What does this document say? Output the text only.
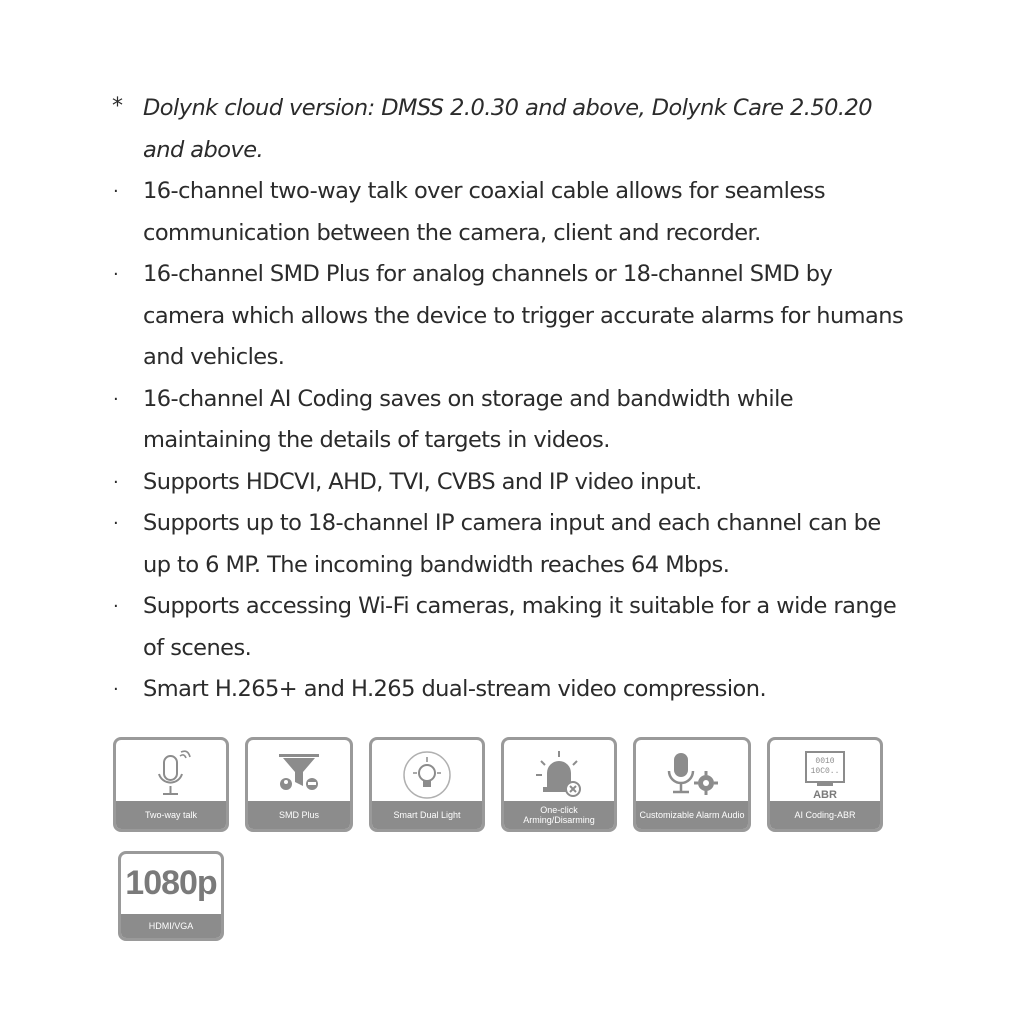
* Dolynk cloud version: DMSS 2.0.30 and above, Dolynk Care 2.50.20 and above.
·	16-channel two-way talk over coaxial cable allows for seamless communication between the camera, client and recorder.
·	16-channel SMD Plus for analog channels or 18-channel SMD by camera which allows the device to trigger accurate alarms for humans and vehicles.
·	16-channel AI Coding saves on storage and bandwidth while maintaining the details of targets in videos.
·	Supports HDCVI, AHD, TVI, CVBS and IP video input.
·	Supports up to 18-channel IP camera input and each channel can be up to 6 MP. The incoming bandwidth reaches 64 Mbps.
·	Supports accessing Wi-Fi cameras, making it suitable for a wide range of scenes.
·	Smart H.265+ and H.265 dual-stream video compression.
Two-way talk	SMD Plus	Smart Dual Light	One-click Arming/Disarming	Customizable Alarm Audio
0010
10C0..
ABR
AI Coding-ABR
1080p
HDMI/VGA
